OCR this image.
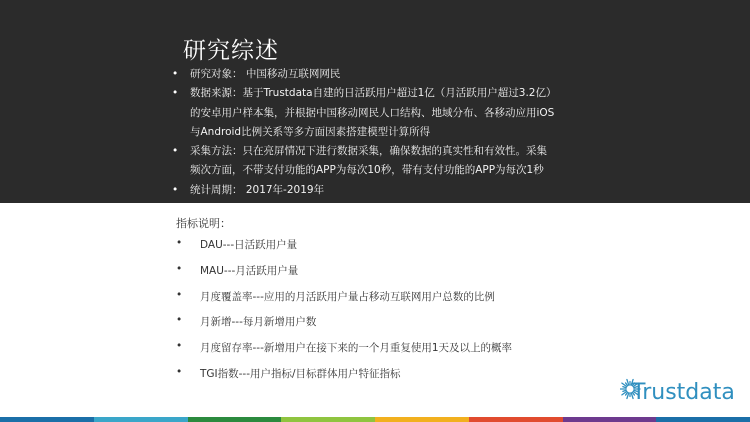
研究综述
• 研究对象： 中国移动互联网网民
• 数据来源：基于Trustdata自建的日活跃用户超过1亿（月活跃用户超过3.2亿）
的安卓用户样本集，并根据中国移动网民人口结构、地域分布、各移动应用iOS
与Android比例关系等多方面因素搭建模型计算所得
• 采集方法：只在亮屏情况下进行数据采集，确保数据的真实性和有效性。采集
频次方面，不带支付功能的APP为每次10秒，带有支付功能的APP为每次1秒
• 统计周期： 2017年-2019年
指标说明：
• DAU---日活跃用户量
• MAU---月活跃用户量
• 月度覆盖率---应用的月活跃用户量占移动互联网用户总数的比例
• 月新增---每月新增用户数
• 月度留存率---新增用户在接下来的一个月重复使用1天及以上的概率
• TGI指数---用户指标/目标群体用户特征指标
Trustdata
